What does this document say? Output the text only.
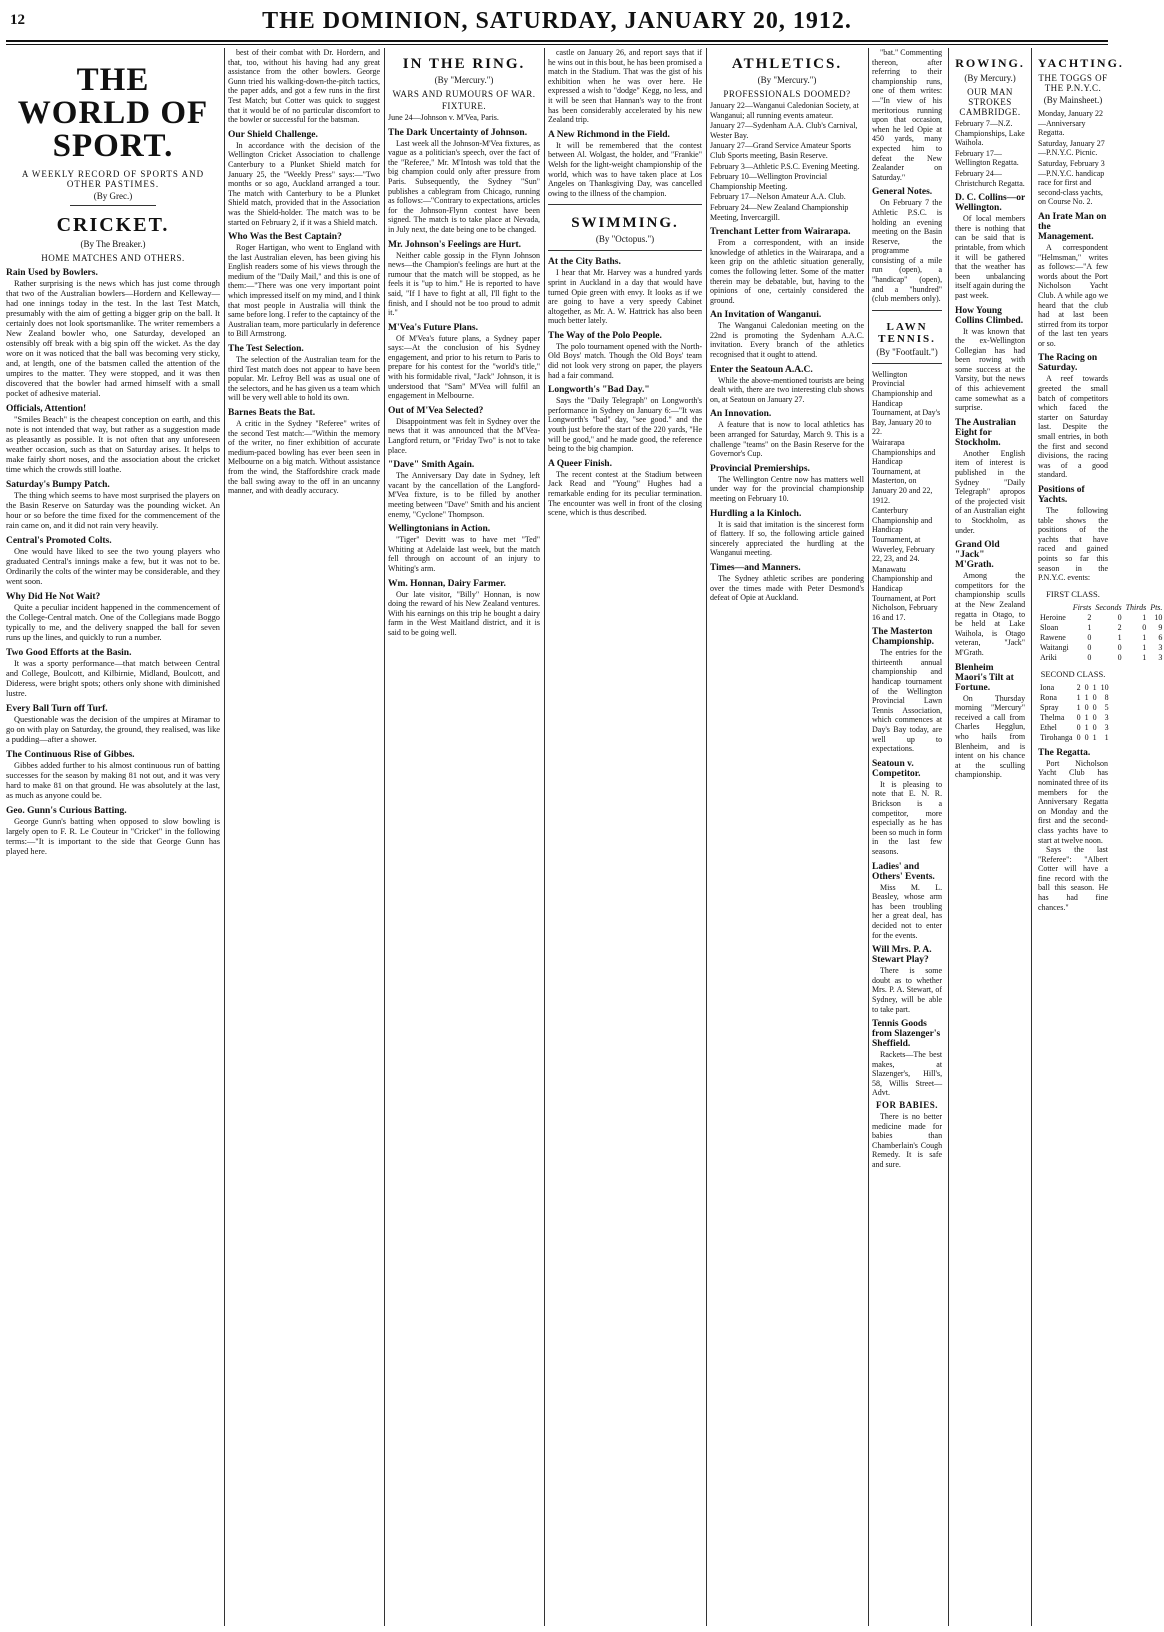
12	THE DOMINION, SATURDAY, JANUARY 20, 1912.
THE WORLD OF SPORT.
A WEEKLY RECORD OF SPORTS AND OTHER PASTIMES.
(By Grec.)
CRICKET.
(By The Breaker.)
HOME MATCHES AND OTHERS.
Rain Used by Bowlers.

Rather surprising is the news which has just come through that two of the Australian bowlers—Hordern and Kelleway—had one innings today in the test. In the last Test Match, presumably with the aim of getting a bigger grip on the ball. It certainly does not look sportsmanlike. The writer remembers a New Zealand bowler who, one Saturday, developed an ostensibly off break with a big spin off the wicket. As the day wore on it was noticed that the ball was becoming very sticky, and, at length, one of the batsmen called the attention of the umpires to the matter. They were stopped, and it was then discovered that the bowler had armed himself with a small pocket of adhesive material.

Officials, Attention!

"Smiles Beach" is the cheapest conception on earth, and this note is not intended that way, but rather as a suggestion made as pleasantly as possible. It is not often that any unforeseen weather occasion, such as that on Saturday arises. It helps to make fairly short noses, and the association about the cricket time which the crowds still loathe.

Saturday's Bumpy Patch.

The thing which seems to have most surprised the players on the Basin Reserve on Saturday was the pounding wicket. An hour or so before the time fixed for the commencement of the rain came on, and it did not rain very heavily.

Central's Promoted Colts.

One would have liked to see the two young players who graduated Central's innings make a few, but it was not to be. Ordinarily the colts of the winter may be considerable, and they went soon.

Why Did He Not Wait?

Quite a peculiar incident happened in the commencement of the College-Central match. One of the Collegians made Boggo typically to me, and the delivery snapped the ball for seven runs up the lines, and quickly to run a number.

Two Good Efforts at the Basin.

It was a sporty performance—that match between Central and College, Boulcott, and Kilbirnie, Midland, Boulcott, and Dideress, were bright spots; others only shone with diminished lustre.

Every Ball Turn off Turf.

Questionable was the decision of the umpires at Miramar to go on with play on Saturday, the ground, they realised, was like a pudding—after a shower.

The Continuous Rise of Gibbes.

Gibbes added further to his almost continuous run of batting successes for the season by making 81 not out, and it was very hard to make 81 on that ground. He was absolutely at the last, as much as anyone could be.

Geo. Gunn's Curious Batting.

George Gunn's batting when opposed to slow bowling is largely open to F. R. Le Couteur in "Cricket" in the following terms:—"It is important to the side that George Gunn has played here.

best of their combat with Dr. Hordern, and that, too, without his having had any great assistance from the other bowlers. George Gunn tried his walking-down-the-pitch tactics, the paper adds, and got a few runs in the first Test Match; but Cotter was quick to suggest that it would be of no particular discomfort to the bowler or successful for the batsman.

Our Shield Challenge.

In accordance with the decision of the Wellington Cricket Association to challenge Canterbury to a Plunket Shield match for January 25, the "Weekly Press" says:—"Two months or so ago, Auckland arranged a tour. The match with Canterbury to be a Plunket Shield match, provided that in the Association was the Shield-holder. The match was to be started on February 2, if it was a Shield match.

Who Was the Best Captain?

Roger Hartigan, who went to England with the last Australian eleven, has been giving his English readers some of his views through the medium of the "Daily Mail," and this is one of them:—"There was one very important point which impressed itself on my mind, and I think that most people in Australia will think the same before long. I refer to the captaincy of the Australian team, more particularly in deference to Bill Armstrong.

The Test Selection.

The selection of the Australian team for the third Test match does not appear to have been popular. Mr. Lefroy Bell was as usual one of the selectors, and he has given us a team which will be very well able to hold its own.

Barnes Beats the Bat.

A critic in the Sydney "Referee" writes of the second Test match:—"Within the memory of the writer, no finer exhibition of accurate medium-paced bowling has ever been seen in Melbourne on a big match. Without assistance from the wind, the Staffordshire crack made the ball swing away to the off in an uncanny manner, and with deadly accuracy.

IN THE RING.
(By "Mercury.")
WARS AND RUMOURS OF WAR.
FIXTURE.
June 24—Johnson v. M'Vea, Paris.
The Dark Uncertainty of Johnson.

Last week all the Johnson-M'Vea fixtures, as vague as a politician's speech, over the fact of the "Referee," Mr. M'Intosh was told that the big champion could only after pressure from Paris. Subsequently, the Sydney "Sun" publishes a cablegram from Chicago, running as follows:—"Contrary to expectations, articles for the Johnson-Flynn contest have been signed. The match is to take place at Nevada, in July next, the date being one to be changed.

Mr. Johnson's Feelings are Hurt.

Neither cable gossip in the Flynn Johnson news—the Champion's feelings are hurt at the rumour that the match will be stopped, as he feels it is "up to him." He is reported to have said, "If I have to fight at all, I'll fight to the finish, and I should not be too proud to admit it."

M'Vea's Future Plans.

Of M'Vea's future plans, a Sydney paper says:—At the conclusion of his Sydney engagement, and prior to his return to Paris to prepare for his contest for the "world's title," with his formidable rival, "Jack" Johnson, it is understood that "Sam" M'Vea will fulfil an engagement in Melbourne.

Out of M'Vea Selected?

Disappointment was felt in Sydney over the news that it was announced that the M'Vea-Langford return, or "Friday Two" is not to take place.

"Dave" Smith Again.

The Anniversary Day date in Sydney, left vacant by the cancellation of the Langford-M'Vea fixture, is to be filled by another meeting between "Dave" Smith and his ancient enemy, "Cyclone" Thompson.

Wellingtonians in Action.

"Tiger" Devitt was to have met "Ted" Whiting at Adelaide last week, but the match fell through on account of an injury to Whiting's arm.

Wm. Honnan, Dairy Farmer.

Our late visitor, "Billy" Honnan, is now doing the reward of his New Zealand ventures. With his earnings on this trip he bought a dairy farm in the West Maitland district, and it is said to be going well.

castle on January 26, and report says that if he wins out in this bout, he has been promised a match in the Stadium. That was the gist of his exhibition when he was over here. He expressed a wish to "dodge" Kegg, no less, and it will be seen that Hannan's way to the front has been considerably accelerated by his new Zealand trip.

A New Richmond in the Field.

It will be remembered that the contest between Al. Wolgast, the holder, and "Frankie" Welsh for the light-weight championship of the world, which was to have taken place at Los Angeles on Thanksgiving Day, was cancelled owing to the illness of the champion.

SWIMMING.
(By "Octopus.")
At the City Baths.

I hear that Mr. Harvey was a hundred yards sprint in Auckland in a day that would have turned Opie green with envy. It looks as if we are going to have a very speedy Cabinet altogether, as Mr. A. W. Hattrick has also been much better lately.

The Way of the Polo People.

The polo tournament opened with the North-Old Boys' match. Though the Old Boys' team did not look very strong on paper, the players had a fair command.

Longworth's "Bad Day."

Says the "Daily Telegraph" on Longworth's performance in Sydney on January 6:—"It was Longworth's "bad" day, "see good." and the youth just before the start of the 220 yards, "He will be good," and he made good, the reference being to the big champion.

A Queer Finish.

The recent contest at the Stadium between Jack Read and "Young" Hughes had a remarkable ending for its peculiar termination. The encounter was well in front of the closing scene, which is thus described.

ATHLETICS.
(By "Mercury.")
PROFESSIONALS DOOMED?
January 22—Wanganui Caledonian Society, at Wanganui; all running events amateur.
January 27—Sydenham A.A. Club's Carnival, Wester Bay.
January 27—Grand Service Amateur Sports Club Sports meeting, Basin Reserve.
February 3—Athletic P.S.C. Evening Meeting.
February 10—Wellington Provincial Championship Meeting.
February 17—Nelson Amateur A.A. Club.
February 24—New Zealand Championship Meeting, Invercargill.
Trenchant Letter from Wairarapa.

From a correspondent, with an inside knowledge of athletics in the Wairarapa, and a keen grip on the athletic situation generally, comes the following letter. Some of the matter therein may be debatable, but, having to the opinions of one, certainly considered the ground.

An Invitation of Wanganui.

The Wanganui Caledonian meeting on the 22nd is promoting the Sydenham A.A.C. invitation. Every branch of the athletics recognised that it ought to attend.

Enter the Seatoun A.A.C.

While the above-mentioned tourists are being dealt with, there are two interesting club shows on, at Seatoun on January 27.

An Innovation.

A feature that is now to local athletics has been arranged for Saturday, March 9. This is a challenge "teams" on the Basin Reserve for the Governor's Cup.

Provincial Premierships.

The Wellington Centre now has matters well under way for the provincial championship meeting on February 10.

Hurdling a la Kinloch.

It is said that imitation is the sincerest form of flattery. If so, the following article gained sincerely appreciated the hurdling at the Wanganui meeting.

Times—and Manners.

The Sydney athletic scribes are pondering over the times made with Peter Desmond's defeat of Opie at Auckland.

"bat." Commenting thereon, after referring to their championship runs, one of them writes:—"In view of his meritorious running upon that occasion, when he led Opie at 450 yards, many expected him to defeat the New Zealander on Saturday."

General Notes.

On February 7 the Athletic P.S.C. is holding an evening meeting on the Basin Reserve, the programme consisting of a mile run (open), a "handicap" (open), and a "hundred" (club members only).

LAWN TENNIS.
(By "Footfault.")
Wellington Provincial Championship and Handicap Tournament, at Day's Bay, January 20 to 22.
Wairarapa Championships and Handicap Tournament, at Masterton, on January 20 and 22, 1912.
Canterbury Championship and Handicap Tournament, at Waverley, February 22, 23, and 24.
Manawatu Championship and Handicap Tournament, at Port Nicholson, February 16 and 17.
The Masterton Championship.

The entries for the thirteenth annual championship and handicap tournament of the Wellington Provincial Lawn Tennis Association, which commences at Day's Bay today, are well up to expectations.

Seatoun v. Competitor.

It is pleasing to note that E. N. R. Brickson is a competitor, more especially as he has been so much in form in the last few seasons.

Ladies' and Others' Events.

Miss M. L. Beasley, whose arm has been troubling her a great deal, has decided not to enter for the events.

Will Mrs. P. A. Stewart Play?

There is some doubt as to whether Mrs. P. A. Stewart, of Sydney, will be able to take part.

Tennis Goods from Slazenger's Sheffield.

Rackets—The best makes, at Slazenger's, Hill's, 58, Willis Street—Advt.

FOR BABIES.

There is no better medicine made for babies than Chamberlain's Cough Remedy. It is safe and sure.

ROWING.
(By Mercury.)
OUR MAN STROKES CAMBRIDGE.
February 7—N.Z. Championships, Lake Waihola.
February 17—Wellington Regatta.
February 24—Christchurch Regatta.
D. C. Collins—or Wellington.

Of local members there is nothing that can be said that is printable, from which it will be gathered that the weather has been unbalancing itself again during the past week.

How Young Collins Climbed.

It was known that the ex-Wellington Collegian has had been rowing with some success at the Varsity, but the news of this achievement came somewhat as a surprise.

The Australian Eight for Stockholm.

Another English item of interest is published in the Sydney "Daily Telegraph" apropos of the projected visit of an Australian eight to Stockholm, as under.

Grand Old "Jack" M'Grath.

Among the competitors for the championship sculls at the New Zealand regatta in Otago, to be held at Lake Waihola, is Otago veteran, "Jack" M'Grath.

Blenheim Maori's Tilt at Fortune.

On Thursday morning "Mercury" received a call from Charles Hegglun, who hails from Blenheim, and is intent on his chance at the sculling championship.

YACHTING.
THE TOGGS OF THE P.N.Y.C.
(By Mainsheet.)
Monday, January 22—Anniversary Regatta.
Saturday, January 27—P.N.Y.C. Picnic.
Saturday, February 3—P.N.Y.C. handicap race for first and second-class yachts, on Course No. 2.
An Irate Man on the Management.

A correspondent "Helmsman," writes as follows:—"A few words about the Port Nicholson Yacht Club. A while ago we heard that the club had at last been stirred from its torpor of the last ten years or so.

The Racing on Saturday.

A reef towards greeted the small batch of competitors which faced the starter on Saturday last. Despite the small entries, in both the first and second divisions, the racing was of a good standard.

Positions of Yachts.

The following table shows the positions of the yachts that have raced and gained points so far this season in the P.N.Y.C. events:

FIRST CLASS.
	Firsts	Seconds	Thirds	Pts.
Heroine	2	0	1	10
Sloan	1	2	0	9
Rawene	0	1	1	6
Waitangi	0	0	1	3
Ariki	0	0	1	3
SECOND CLASS.

Iona	2	0	1	10
Rona	1	1	0	8
Spray	1	0	0	5
Thelma	0	1	0	3
Ethel	0	1	0	3
Tirohanga	0	0	1	1
The Regatta.

Port Nicholson Yacht Club has nominated three of its members for the Anniversary Regatta on Monday and the first and the second-class yachts have to start at twelve noon.

Says the last "Referee": "Albert Cotter will have a fine record with the ball this season. He has had fine chances."
